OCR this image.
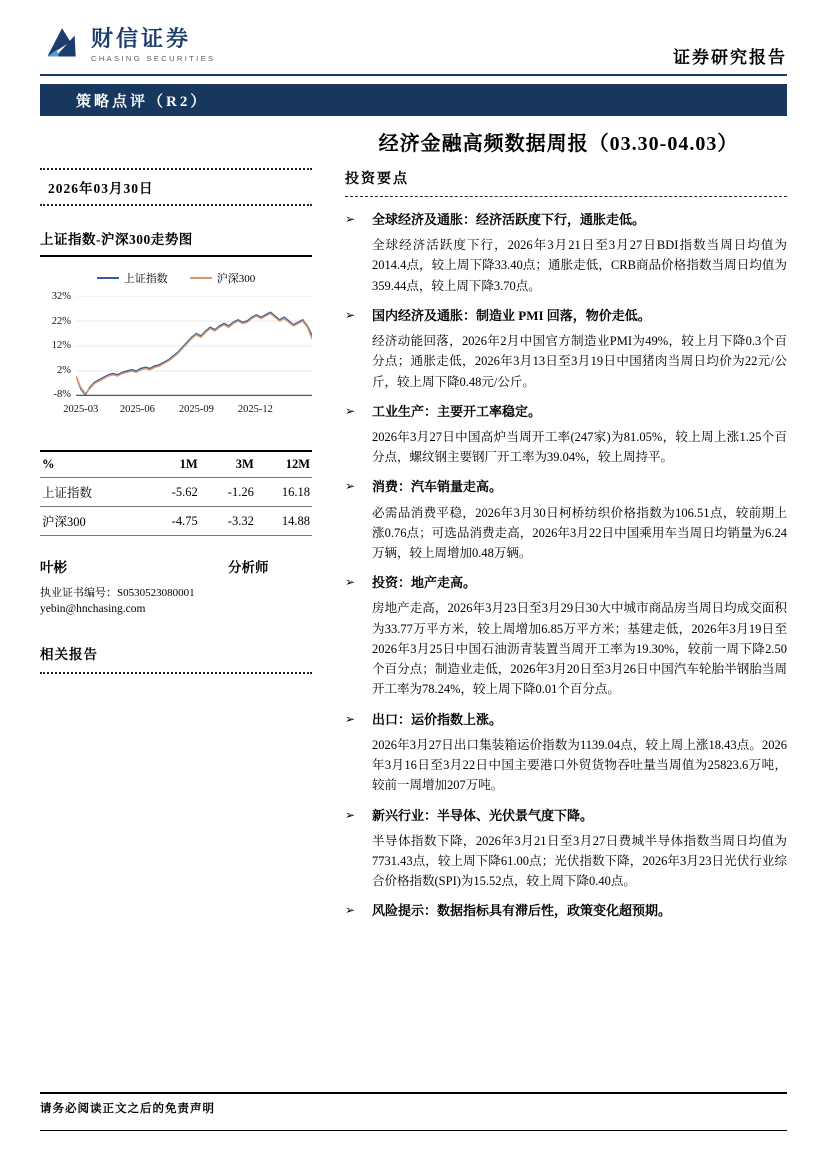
财信证券
CHASING SECURITIES	证券研究报告
策略点评（R2）
经济金融高频数据周报（03.30-04.03）
2026年03月30日
上证指数-沪深300走势图
上证指数	沪深300
32%
22%
12%
2%
-8%
2025-03 2025-06 2025-09 2025-12
%	1M	3M	12M
上证指数	-5.62	-1.26	16.18
沪深300	-4.75	-3.32	14.88
叶彬	分析师
执业证书编号：S0530523080001
yebin@hnchasing.com
相关报告
投资要点
➢
全球经济及通胀：经济活跃度下行，通胀走低。
全球经济活跃度下行，2026年3月21日至3月27日BDI指数当周日均值为2014.4点，较上周下降33.40点；通胀走低，CRB商品价格指数当周日均值为359.44点，较上周下降3.70点。
➢
国内经济及通胀：制造业 PMI 回落，物价走低。
经济动能回落，2026年2月中国官方制造业PMI为49%，较上月下降0.3个百分点；通胀走低，2026年3月13日至3月19日中国猪肉当周日均价为22元/公斤，较上周下降0.48元/公斤。
➢
工业生产：主要开工率稳定。
2026年3月27日中国高炉当周开工率(247家)为81.05%，较上周上涨1.25个百分点，螺纹钢主要钢厂开工率为39.04%，较上周持平。
➢
消费：汽车销量走高。
必需品消费平稳，2026年3月30日柯桥纺织价格指数为106.51点，较前期上涨0.76点；可选品消费走高，2026年3月22日中国乘用车当周日均销量为6.24万辆，较上周增加0.48万辆。
➢
投资：地产走高。
房地产走高，2026年3月23日至3月29日30大中城市商品房当周日均成交面积为33.77万平方米，较上周增加6.85万平方米；基建走低，2026年3月19日至2026年3月25日中国石油沥青装置当周开工率为19.30%，较前一周下降2.50个百分点；制造业走低，2026年3月20日至3月26日中国汽车轮胎半钢胎当周开工率为78.24%，较上周下降0.01个百分点。
➢
出口：运价指数上涨。
2026年3月27日出口集装箱运价指数为1139.04点，较上周上涨18.43点。2026年3月16日至3月22日中国主要港口外贸货物吞吐量当周值为25823.6万吨，较前一周增加207万吨。
➢
新兴行业：半导体、光伏景气度下降。
半导体指数下降，2026年3月21日至3月27日费城半导体指数当周日均值为7731.43点，较上周下降61.00点；光伏指数下降，2026年3月23日光伏行业综合价格指数(SPI)为15.52点，较上周下降0.40点。
➢
风险提示：数据指标具有滞后性，政策变化超预期。
请务必阅读正文之后的免责声明
